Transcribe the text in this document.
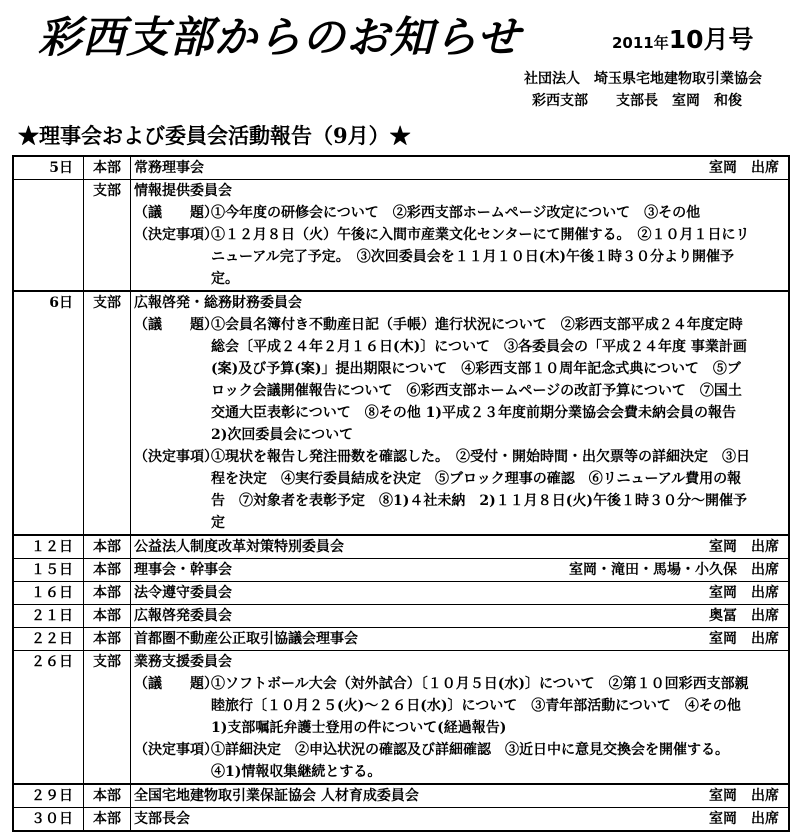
彩西支部からのお知らせ	2011年10月号
社団法人　埼玉県宅地建物取引業協会
彩西支部　　支部長　室岡　和俊
★理事会および委員会活動報告（9月）★
5日	本部	常務理事会 室岡　出席

	支部	情報提供委員会
（議　　題）①今年度の研修会について　②彩西支部ホームページ改定について　③その他
（決定事項）①１２月８日（火）午後に入間市産業文化センターにて開催する。　②１０月１日にリニューアル完了予定。　③次回委員会を１１月１０日(木)午後１時３０分より開催予定。

6日	支部	広報啓発・総務財務委員会
（議　　題）①会員名簿付き不動産日記（手帳）進行状況について　②彩西支部平成２４年度定時総会〔平成２４年２月１６日(木)〕について　③各委員会の「平成２４年度 事業計画(案)及び予算(案)」提出期限について　④彩西支部１０周年記念式典について　⑤ブロック会議開催報告について　⑥彩西支部ホームページの改訂予算について　⑦国土交通大臣表彰について　⑧その他 1)平成２３年度前期分業協会会費未納会員の報告　2)次回委員会について
（決定事項）①現状を報告し発注冊数を確認した。　②受付・開始時間・出欠票等の詳細決定　③日程を決定　④実行委員結成を決定　⑤ブロック理事の確認　⑥リニューアル費用の報告　⑦対象者を表彰予定　⑧1)４社未納　2)１１月８日(火)午後１時３０分～開催予定

１２日	本部	公益法人制度改革対策特別委員会 室岡　出席

１５日	本部	理事会・幹事会 室岡・滝田・馬場・小久保　出席

１６日	本部	法令遵守委員会 室岡　出席

２１日	本部	広報啓発委員会 奥冨　出席

２２日	本部	首都圏不動産公正取引協議会理事会 室岡　出席

２６日	支部	業務支援委員会
（議　　題）①ソフトボール大会（対外試合）〔１０月５日(水)〕について　②第１０回彩西支部親睦旅行〔１０月２５(火)～２６日(水)〕について　③青年部活動について　④その他　1)支部嘱託弁護士登用の件について(経過報告)
（決定事項）①詳細決定　②申込状況の確認及び詳細確認　③近日中に意見交換会を開催する。　④1)情報収集継続とする。

２９日	本部	全国宅地建物取引業保証協会 人材育成委員会 室岡　出席

３０日	本部	支部長会 室岡　出席
